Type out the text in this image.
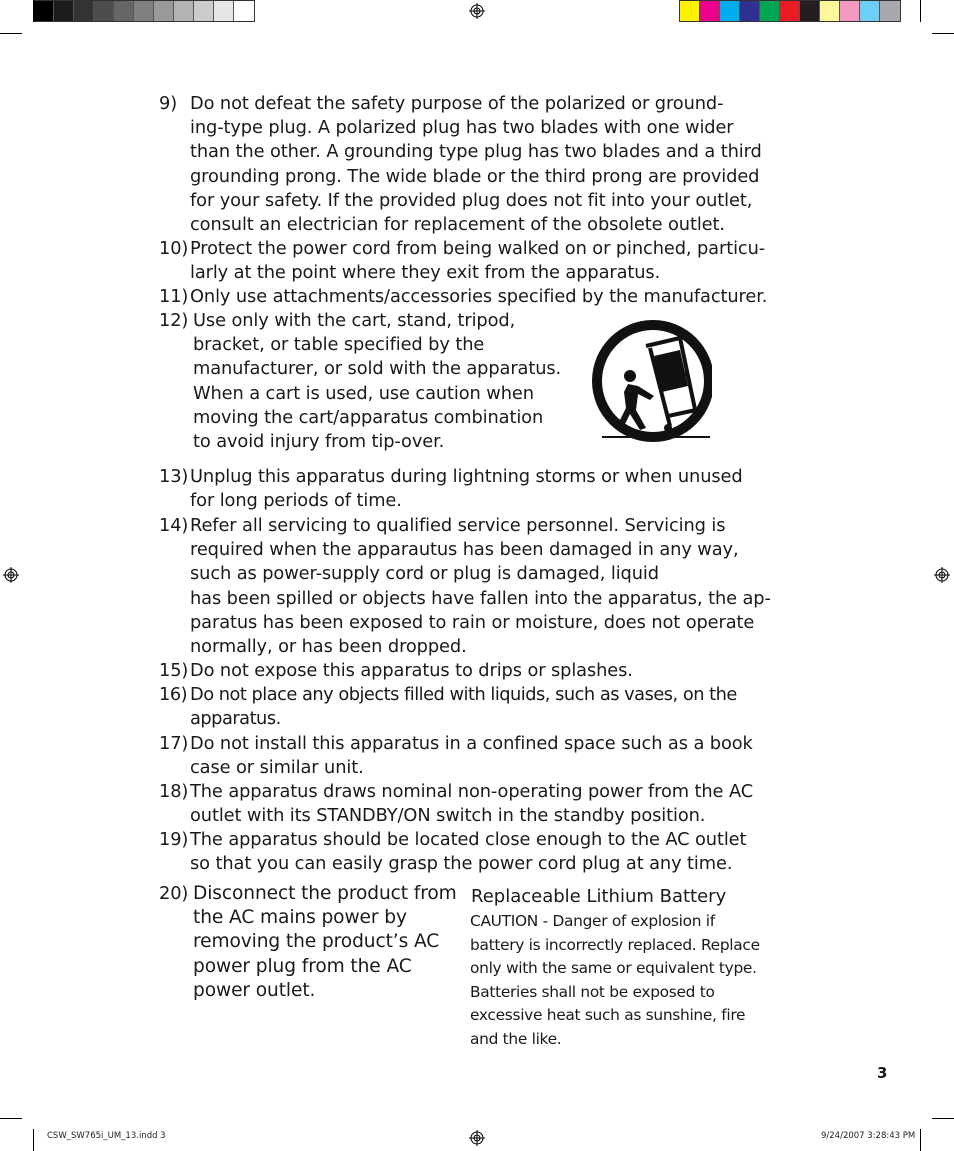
9) Do not defeat the safety purpose of the polarized or ground-
ing-type plug. A polarized plug has two blades with one wider
than the other. A grounding type plug has two blades and a third
grounding prong. The wide blade or the third prong are provided
for your safety. If the provided plug does not fit into your outlet,
consult an electrician for replacement of the obsolete outlet.
10) Protect the power cord from being walked on or pinched, particu-
larly at the point where they exit from the apparatus.
11) Only use attachments/accessories specified by the manufacturer.
12) Use only with the cart, stand, tripod,
bracket, or table specified by the
manufacturer, or sold with the apparatus.
When a cart is used, use caution when
moving the cart/apparatus combination
to avoid injury from tip-over.
13) Unplug this apparatus during lightning storms or when unused
for long periods of time.
14) Refer all servicing to qualified service personnel. Servicing is
required when the apparautus has been damaged in any way,
such as power-supply cord or plug is damaged, liquid
has been spilled or objects have fallen into the apparatus, the ap-
paratus has been exposed to rain or moisture, does not operate
normally, or has been dropped.
15) Do not expose this apparatus to drips or splashes.
16) Do not place any objects filled with liquids, such as vases, on the
apparatus.
17) Do not install this apparatus in a confined space such as a book
case or similar unit.
18) The apparatus draws nominal non-operating power from the AC
outlet with its STANDBY/ON switch in the standby position.
19) The apparatus should be located close enough to the AC outlet
so that you can easily grasp the power cord plug at any time.
20) Disconnect the product from
the AC mains power by
removing the product’s AC
power plug from the AC
power outlet.
Replaceable Lithium Battery
CAUTION - Danger of explosion if
battery is incorrectly replaced. Replace
only with the same or equivalent type.
Batteries shall not be exposed to
excessive heat such as sunshine, fire
and the like.
3
CSW_SW765i_UM_13.indd 3	9/24/2007 3:28:43 PM
